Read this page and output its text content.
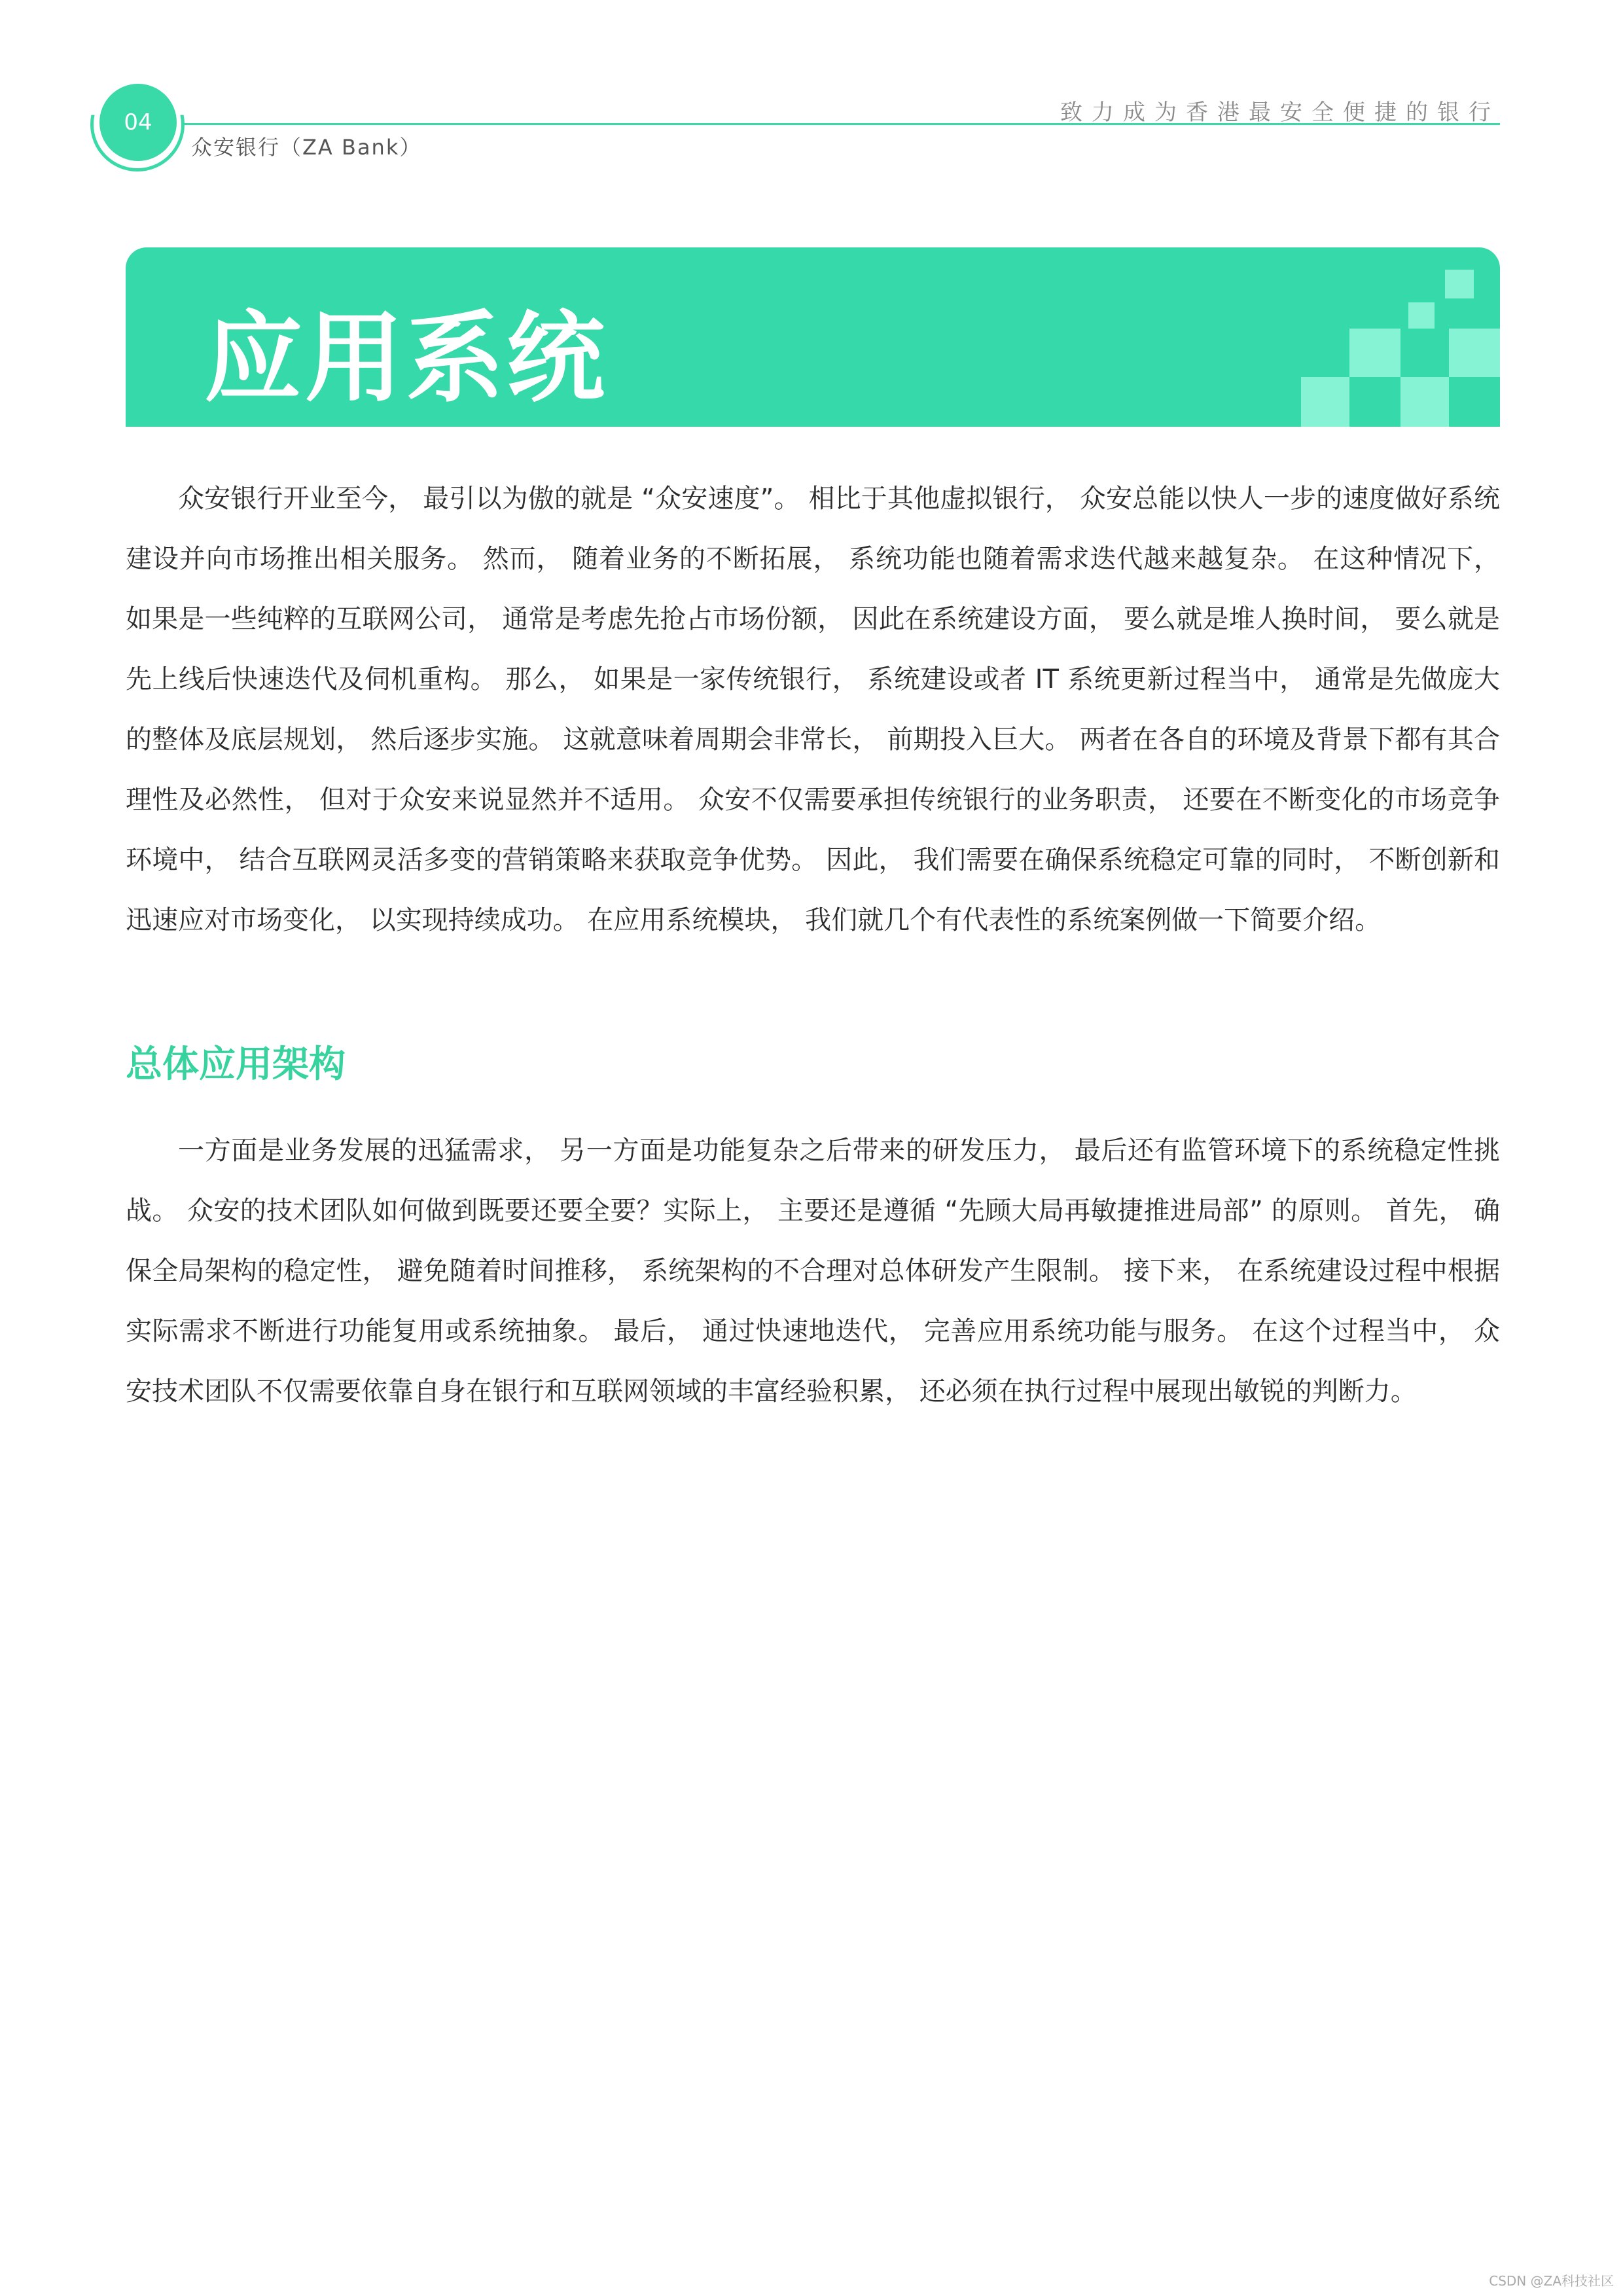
04	致力成为香港最安全便捷的银行
众安银行（ZA Bank）
应用系统

众安银行开业至今， 最引以为傲的就是 “众安速度”。 相比于其他虚拟银行， 众安总能以快人一步的速度做好系统建设并向市场推出相关服务。 然而， 随着业务的不断拓展， 系统功能也随着需求迭代越来越复杂。 在这种情况下， 如果是一些纯粹的互联网公司， 通常是考虑先抢占市场份额， 因此在系统建设方面， 要么就是堆人换时间， 要么就是先上线后快速迭代及伺机重构。 那么， 如果是一家传统银行， 系统建设或者 IT 系统更新过程当中， 通常是先做庞大的整体及底层规划， 然后逐步实施。 这就意味着周期会非常长， 前期投入巨大。 两者在各自的环境及背景下都有其合理性及必然性， 但对于众安来说显然并不适用。 众安不仅需要承担传统银行的业务职责， 还要在不断变化的市场竞争环境中， 结合互联网灵活多变的营销策略来获取竞争优势。 因此， 我们需要在确保系统稳定可靠的同时， 不断创新和迅速应对市场变化， 以实现持续成功。 在应用系统模块， 我们就几个有代表性的系统案例做一下简要介绍。

总体应用架构

一方面是业务发展的迅猛需求， 另一方面是功能复杂之后带来的研发压力， 最后还有监管环境下的系统稳定性挑战。 众安的技术团队如何做到既要还要全要？实际上， 主要还是遵循 “先顾大局再敏捷推进局部” 的原则。 首先， 确保全局架构的稳定性， 避免随着时间推移， 系统架构的不合理对总体研发产生限制。 接下来， 在系统建设过程中根据实际需求不断进行功能复用或系统抽象。 最后， 通过快速地迭代， 完善应用系统功能与服务。 在这个过程当中， 众安技术团队不仅需要依靠自身在银行和互联网领域的丰富经验积累， 还必须在执行过程中展现出敏锐的判断力。

CSDN @ZA科技社区
